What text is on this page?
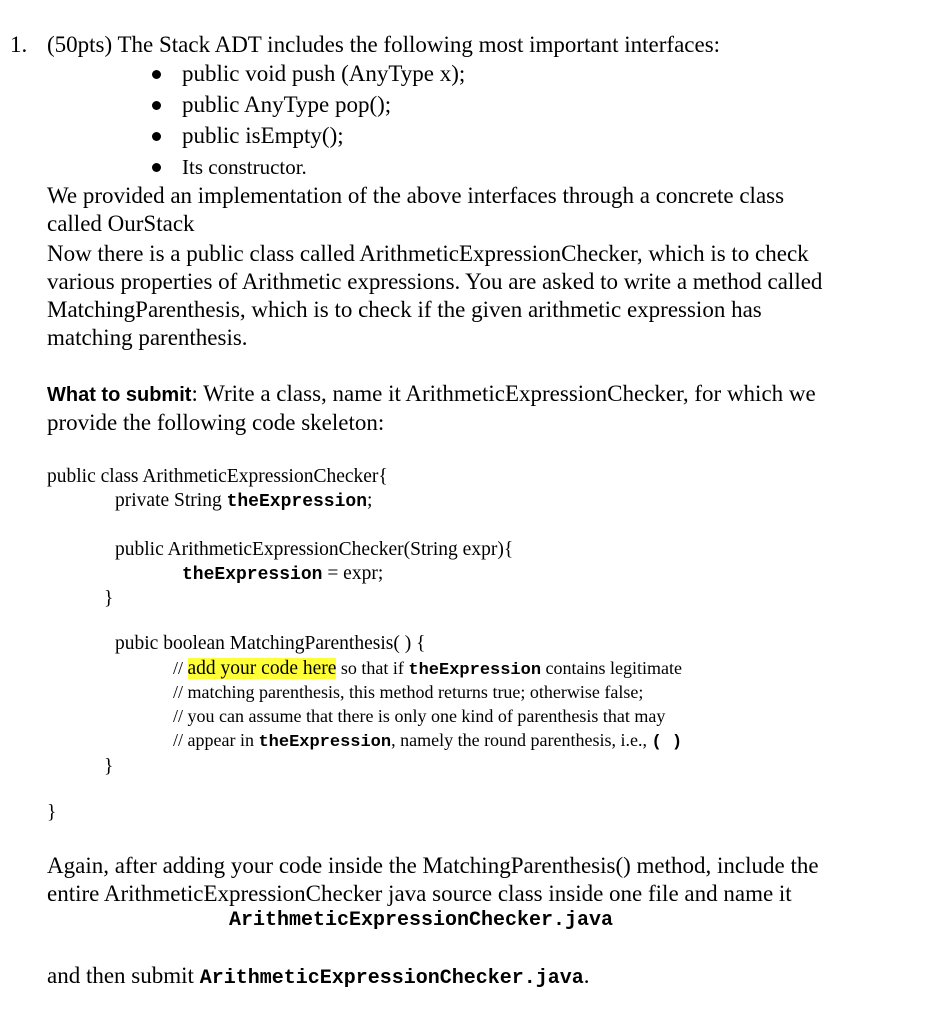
1. (50pts) The Stack ADT includes the following most important interfaces:
public void push (AnyType x);
public AnyType pop();
public isEmpty();
Its constructor.
We provided an implementation of the above interfaces through a concrete class
called OurStack
Now there is a public class called ArithmeticExpressionChecker, which is to check
various properties of Arithmetic expressions. You are asked to write a method called
MatchingParenthesis, which is to check if the given arithmetic expression has
matching parenthesis.
What to submit: Write a class, name it ArithmeticExpressionChecker, for which we
provide the following code skeleton:
public class ArithmeticExpressionChecker{
private String theExpression;
public ArithmeticExpressionChecker(String expr){
theExpression = expr;
}
pubic boolean MatchingParenthesis( ) {
// add your code here so that if theExpression contains legitimate
// matching parenthesis, this method returns true; otherwise false;
// you can assume that there is only one kind of parenthesis that may
// appear in theExpression, namely the round parenthesis, i.e., ( )
}
}
Again, after adding your code inside the MatchingParenthesis() method, include the
entire ArithmeticExpressionChecker java source class inside one file and name it
ArithmeticExpressionChecker.java
and then submit ArithmeticExpressionChecker.java.
